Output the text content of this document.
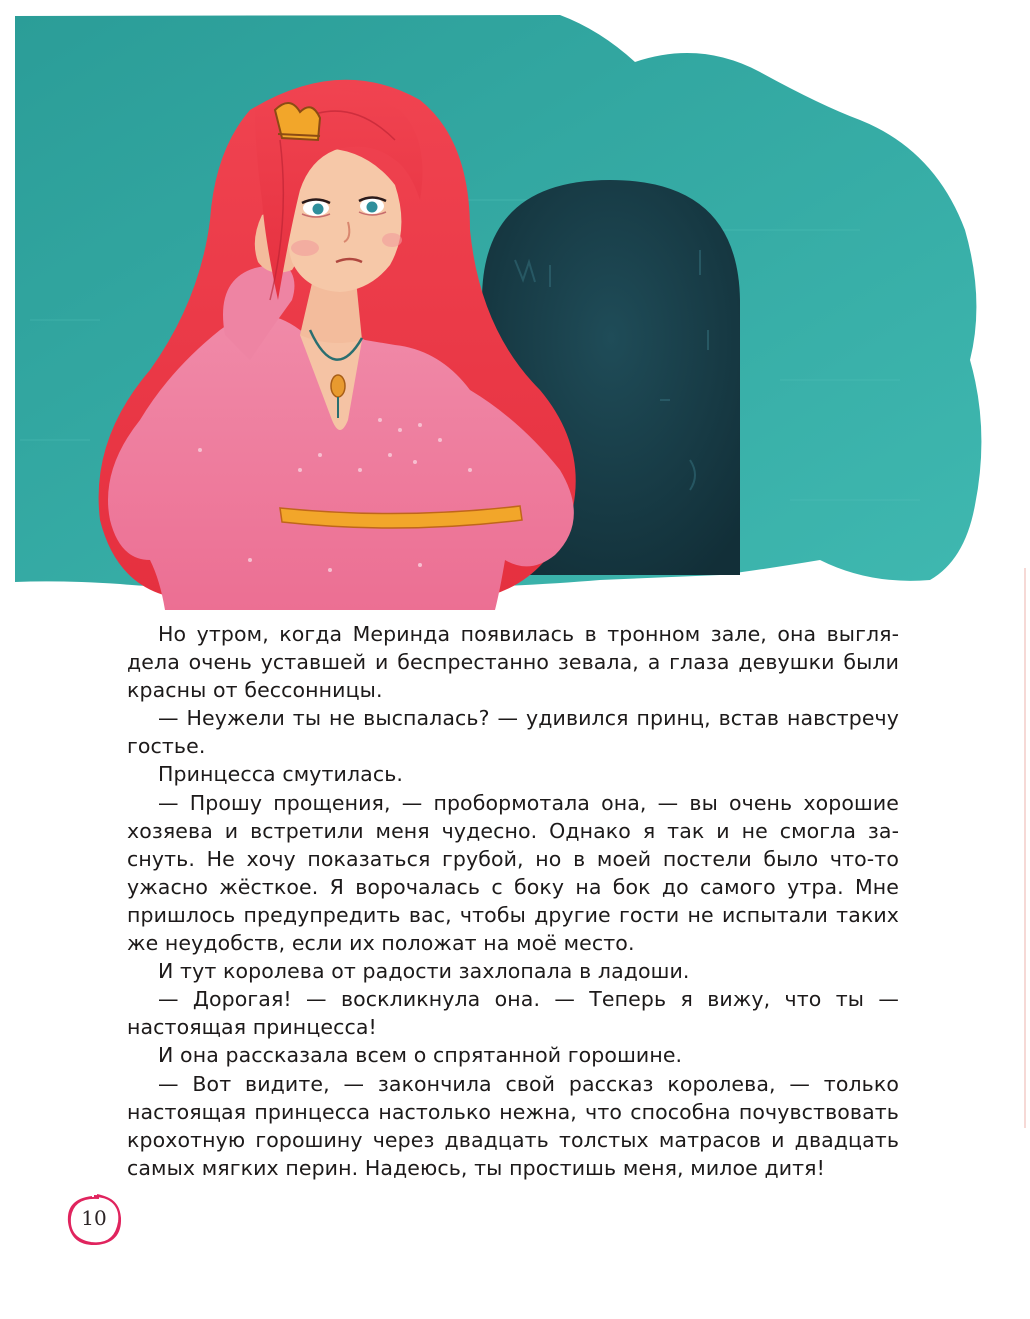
Но утром, когда Меринда появилась в тронном зале, она выглядела очень уставшей и беспрестанно зевала, а глаза девушки были красны от бессонницы.

— Неужели ты не выспалась? — удивился принц, встав навстречу гостье.

Принцесса смутилась.

— Прошу прощения, — пробормотала она, — вы очень хорошие хозяева и встретили меня чудесно. Однако я так и не смогла заснуть. Не хочу показаться грубой, но в моей постели было что-то ужасно жёсткое. Я ворочалась с боку на бок до самого утра. Мне пришлось предупредить вас, чтобы другие гости не испытали таких же неудобств, если их положат на моё место.

И тут королева от радости захлопала в ладоши.

— Дорогая! — воскликнула она. — Теперь я вижу, что ты — настоящая принцесса!

И она рассказала всем о спрятанной горошине.

— Вот видите, — закончила свой рассказ королева, — только настоящая принцесса настолько нежна, что способна почувствовать крохотную горошину через двадцать толстых матрасов и двадцать самых мягких перин. Надеюсь, ты простишь меня, милое дитя!

10
